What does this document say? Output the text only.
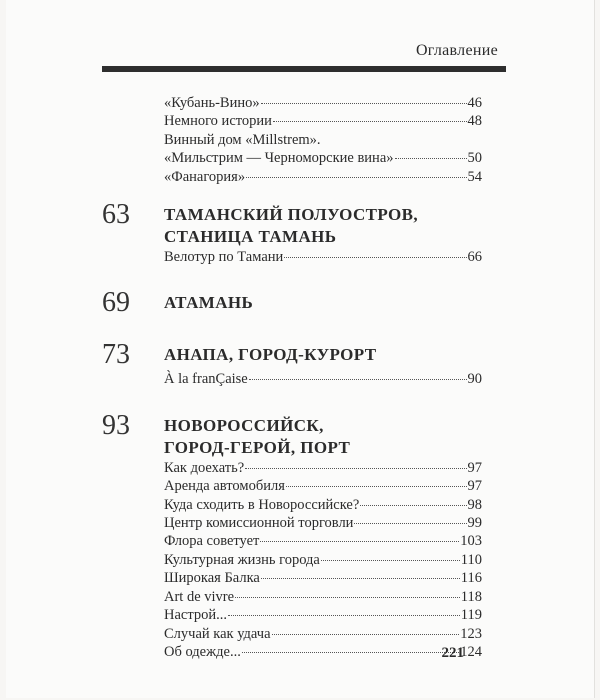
Оглавление
«Кубань-Вино»	46
Немного истории	48
Винный дом «Millstrem».
«Мильстрим — Черноморские вина»	50
«Фанагория»	54
63	ТАМАНСКИЙ ПОЛУОСТРОВ,
СТАНИЦА ТАМАНЬ
Велотур по Тамани	66
69	АТАМАНЬ
73	АНАПА, ГОРОД-КУРОРТ
À la franÇaise	90
93	НОВОРОССИЙСК,
ГОРОД-ГЕРОЙ, ПОРТ
Как доехать?	97
Аренда автомобиля	97
Куда сходить в Новороссийске?	98
Центр комиссионной торговли	99
Флора советует	103
Культурная жизнь города	110
Широкая Балка	116
Art de vivre	118
Настрой...	119
Случай как удача	123
Об одежде...	124
221
